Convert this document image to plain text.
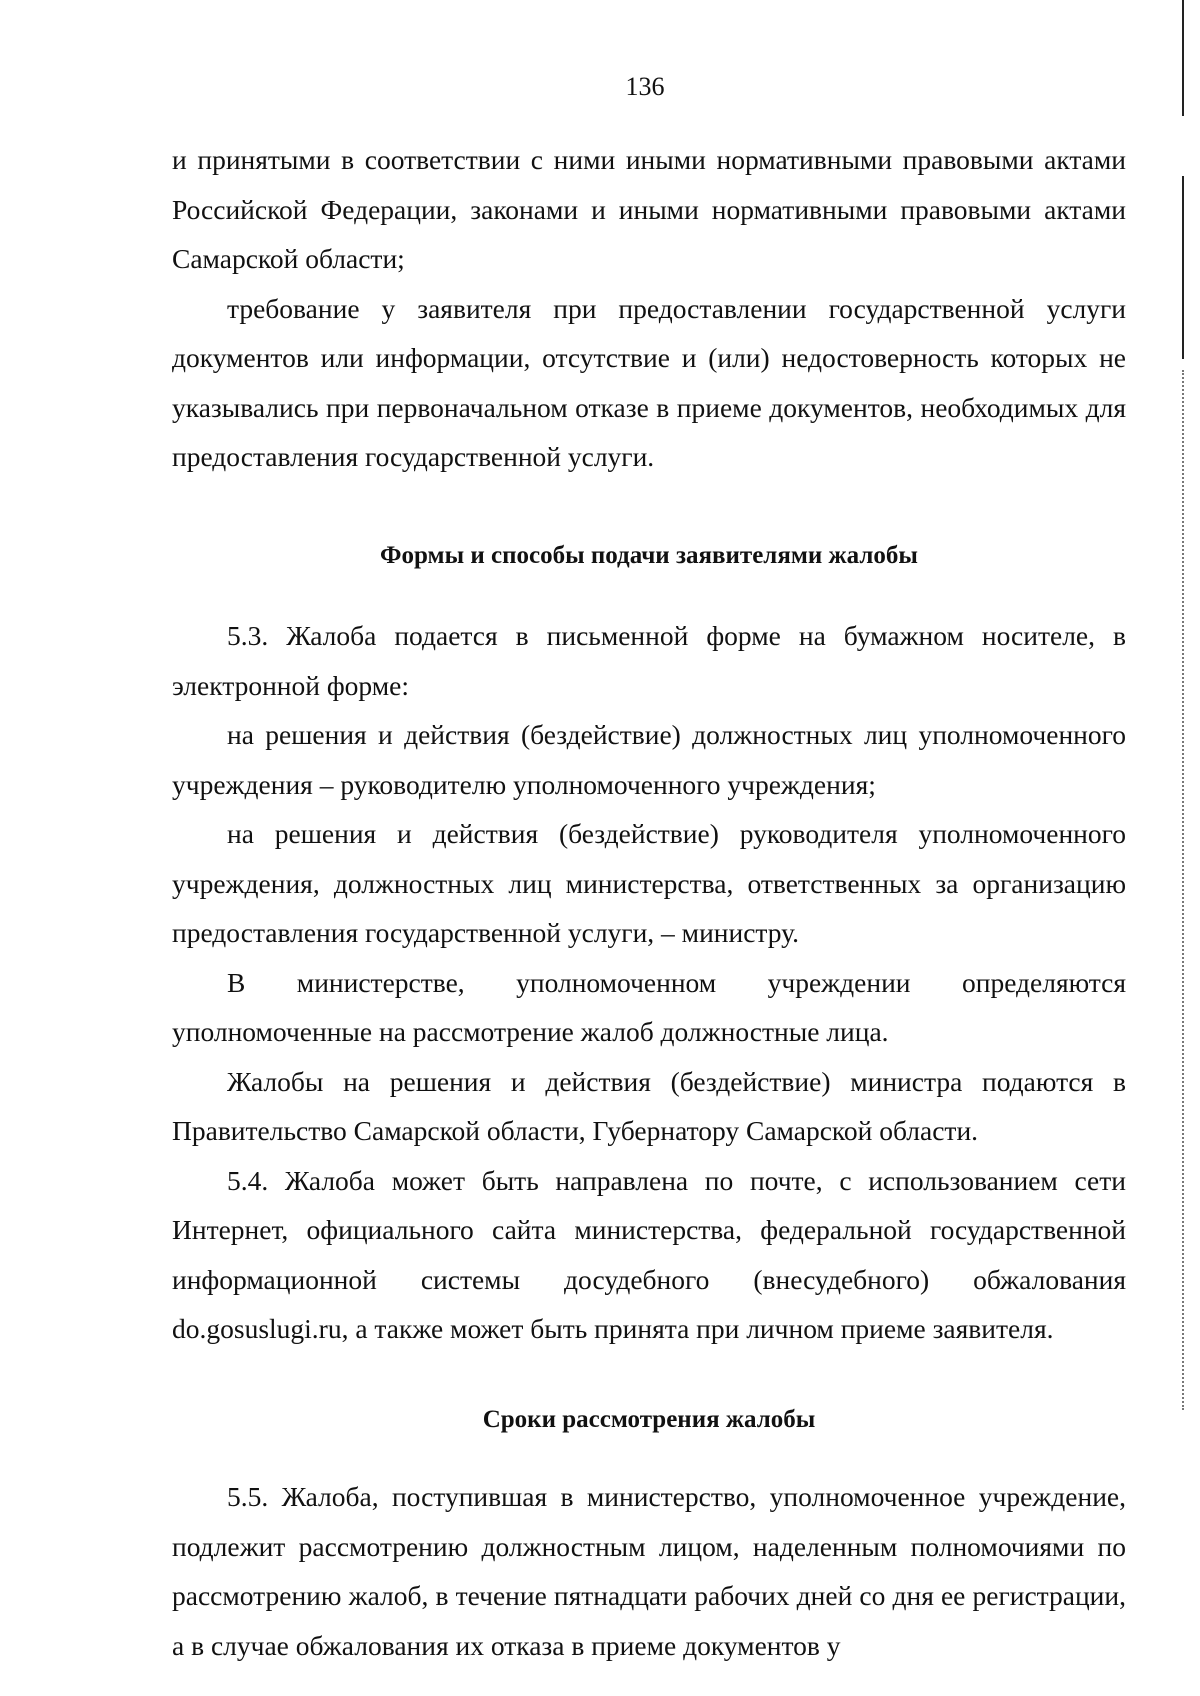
136

и принятыми в соответствии с ними иными нормативными правовыми актами Российской Федерации, законами и иными нормативными правовыми актами Самарской области;

требование у заявителя при предоставлении государственной услуги документов или информации, отсутствие и (или) недостоверность которых не указывались при первоначальном отказе в приеме документов, необходимых для предоставления государственной услуги.

Формы и способы подачи заявителями жалобы

5.3. Жалоба подается в письменной форме на бумажном носителе, в электронной форме:

на решения и действия (бездействие) должностных лиц уполномоченного учреждения – руководителю уполномоченного учреждения;

на решения и действия (бездействие) руководителя уполномоченного учреждения, должностных лиц министерства, ответственных за организацию предоставления государственной услуги, – министру.

В министерстве, уполномоченном учреждении определяются уполномоченные на рассмотрение жалоб должностные лица.

Жалобы на решения и действия (бездействие) министра подаются в Правительство Самарской области, Губернатору Самарской области.

5.4. Жалоба может быть направлена по почте, с использованием сети Интернет, официального сайта министерства, федеральной государственной информационной системы досудебного (внесудебного) обжалования do.gosuslugi.ru, а также может быть принята при личном приеме заявителя.

Сроки рассмотрения жалобы

5.5. Жалоба, поступившая в министерство, уполномоченное учреждение, подлежит рассмотрению должностным лицом, наделенным полномочиями по рассмотрению жалоб, в течение пятнадцати рабочих дней со дня ее регистрации, а в случае обжалования их отказа в приеме документов у
